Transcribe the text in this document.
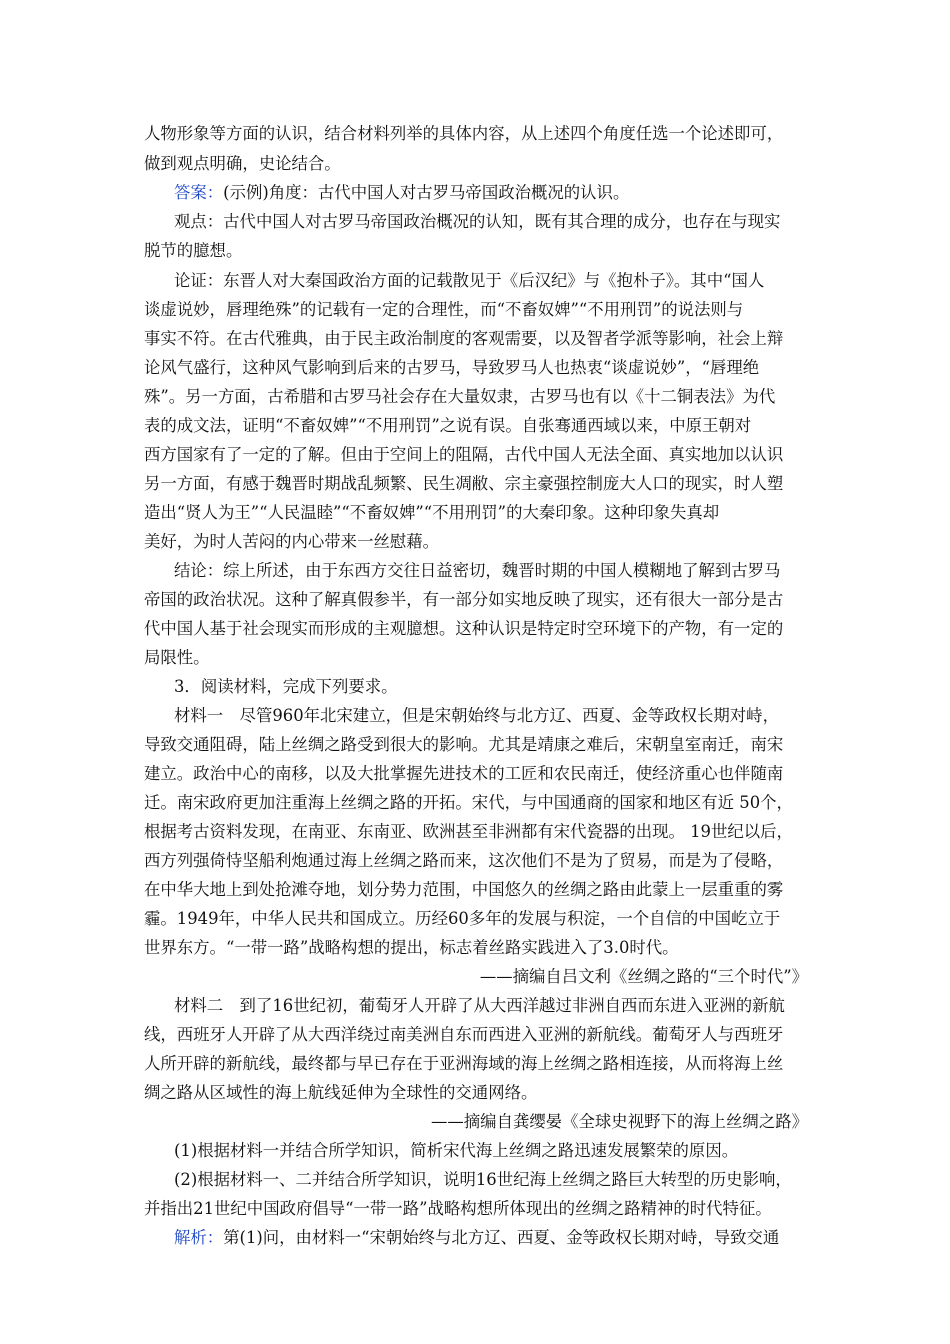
人物形象等方面的认识，结合材料列举的具体内容，从上述四个角度任选一个论述即可，

做到观点明确，史论结合。

答案：(示例)角度：古代中国人对古罗马帝国政治概况的认识。

观点：古代中国人对古罗马帝国政治概况的认知，既有其合理的成分，也存在与现实

脱节的臆想。

论证：东晋人对大秦国政治方面的记载散见于《后汉纪》与《抱朴子》。其中“国人

谈虚说妙，唇理绝殊”的记载有一定的合理性，而“不畜奴婢”“不用刑罚”的说法则与

事实不符。在古代雅典，由于民主政治制度的客观需要，以及智者学派等影响，社会上辩

论风气盛行，这种风气影响到后来的古罗马，导致罗马人也热衷“谈虚说妙”，“唇理绝

殊”。另一方面，古希腊和古罗马社会存在大量奴隶，古罗马也有以《十二铜表法》为代

表的成文法，证明“不畜奴婢”“不用刑罚”之说有误。自张骞通西域以来，中原王朝对

西方国家有了一定的了解。但由于空间上的阻隔，古代中国人无法全面、真实地加以认识

另一方面，有感于魏晋时期战乱频繁、民生凋敝、宗主豪强控制庞大人口的现实，时人塑

造出“贤人为王”“人民温睦”“不畜奴婢”“不用刑罚”的大秦印象。这种印象失真却

美好，为时人苦闷的内心带来一丝慰藉。

结论：综上所述，由于东西方交往日益密切，魏晋时期的中国人模糊地了解到古罗马

帝国的政治状况。这种了解真假参半，有一部分如实地反映了现实，还有很大一部分是古

代中国人基于社会现实而形成的主观臆想。这种认识是特定时空环境下的产物，有一定的

局限性。

3．阅读材料，完成下列要求。

材料一　尽管960年北宋建立，但是宋朝始终与北方辽、西夏、金等政权长期对峙，

导致交通阻碍，陆上丝绸之路受到很大的影响。尤其是靖康之难后，宋朝皇室南迁，南宋

建立。政治中心的南移，以及大批掌握先进技术的工匠和农民南迁，使经济重心也伴随南

迁。南宋政府更加注重海上丝绸之路的开拓。宋代，与中国通商的国家和地区有近 50个，

根据考古资料发现，在南亚、东南亚、欧洲甚至非洲都有宋代瓷器的出现。 19世纪以后，

西方列强倚恃坚船利炮通过海上丝绸之路而来，这次他们不是为了贸易，而是为了侵略，

在中华大地上到处抢滩夺地，划分势力范围，中国悠久的丝绸之路由此蒙上一层重重的雾

霾。1949年，中华人民共和国成立。历经60多年的发展与积淀，一个自信的中国屹立于

世界东方。“一带一路”战略构想的提出，标志着丝路实践进入了3.0时代。

——摘编自吕文利《丝绸之路的“三个时代”》

材料二　到了16世纪初，葡萄牙人开辟了从大西洋越过非洲自西而东进入亚洲的新航

线，西班牙人开辟了从大西洋绕过南美洲自东而西进入亚洲的新航线。葡萄牙人与西班牙

人所开辟的新航线，最终都与早已存在于亚洲海域的海上丝绸之路相连接，从而将海上丝

绸之路从区域性的海上航线延伸为全球性的交通网络。

——摘编自龚缨晏《全球史视野下的海上丝绸之路》

(1)根据材料一并结合所学知识，简析宋代海上丝绸之路迅速发展繁荣的原因。

(2)根据材料一、二并结合所学知识，说明16世纪海上丝绸之路巨大转型的历史影响，

并指出21世纪中国政府倡导“一带一路”战略构想所体现出的丝绸之路精神的时代特征。

解析：第(1)问，由材料一“宋朝始终与北方辽、西夏、金等政权长期对峙，导致交通
